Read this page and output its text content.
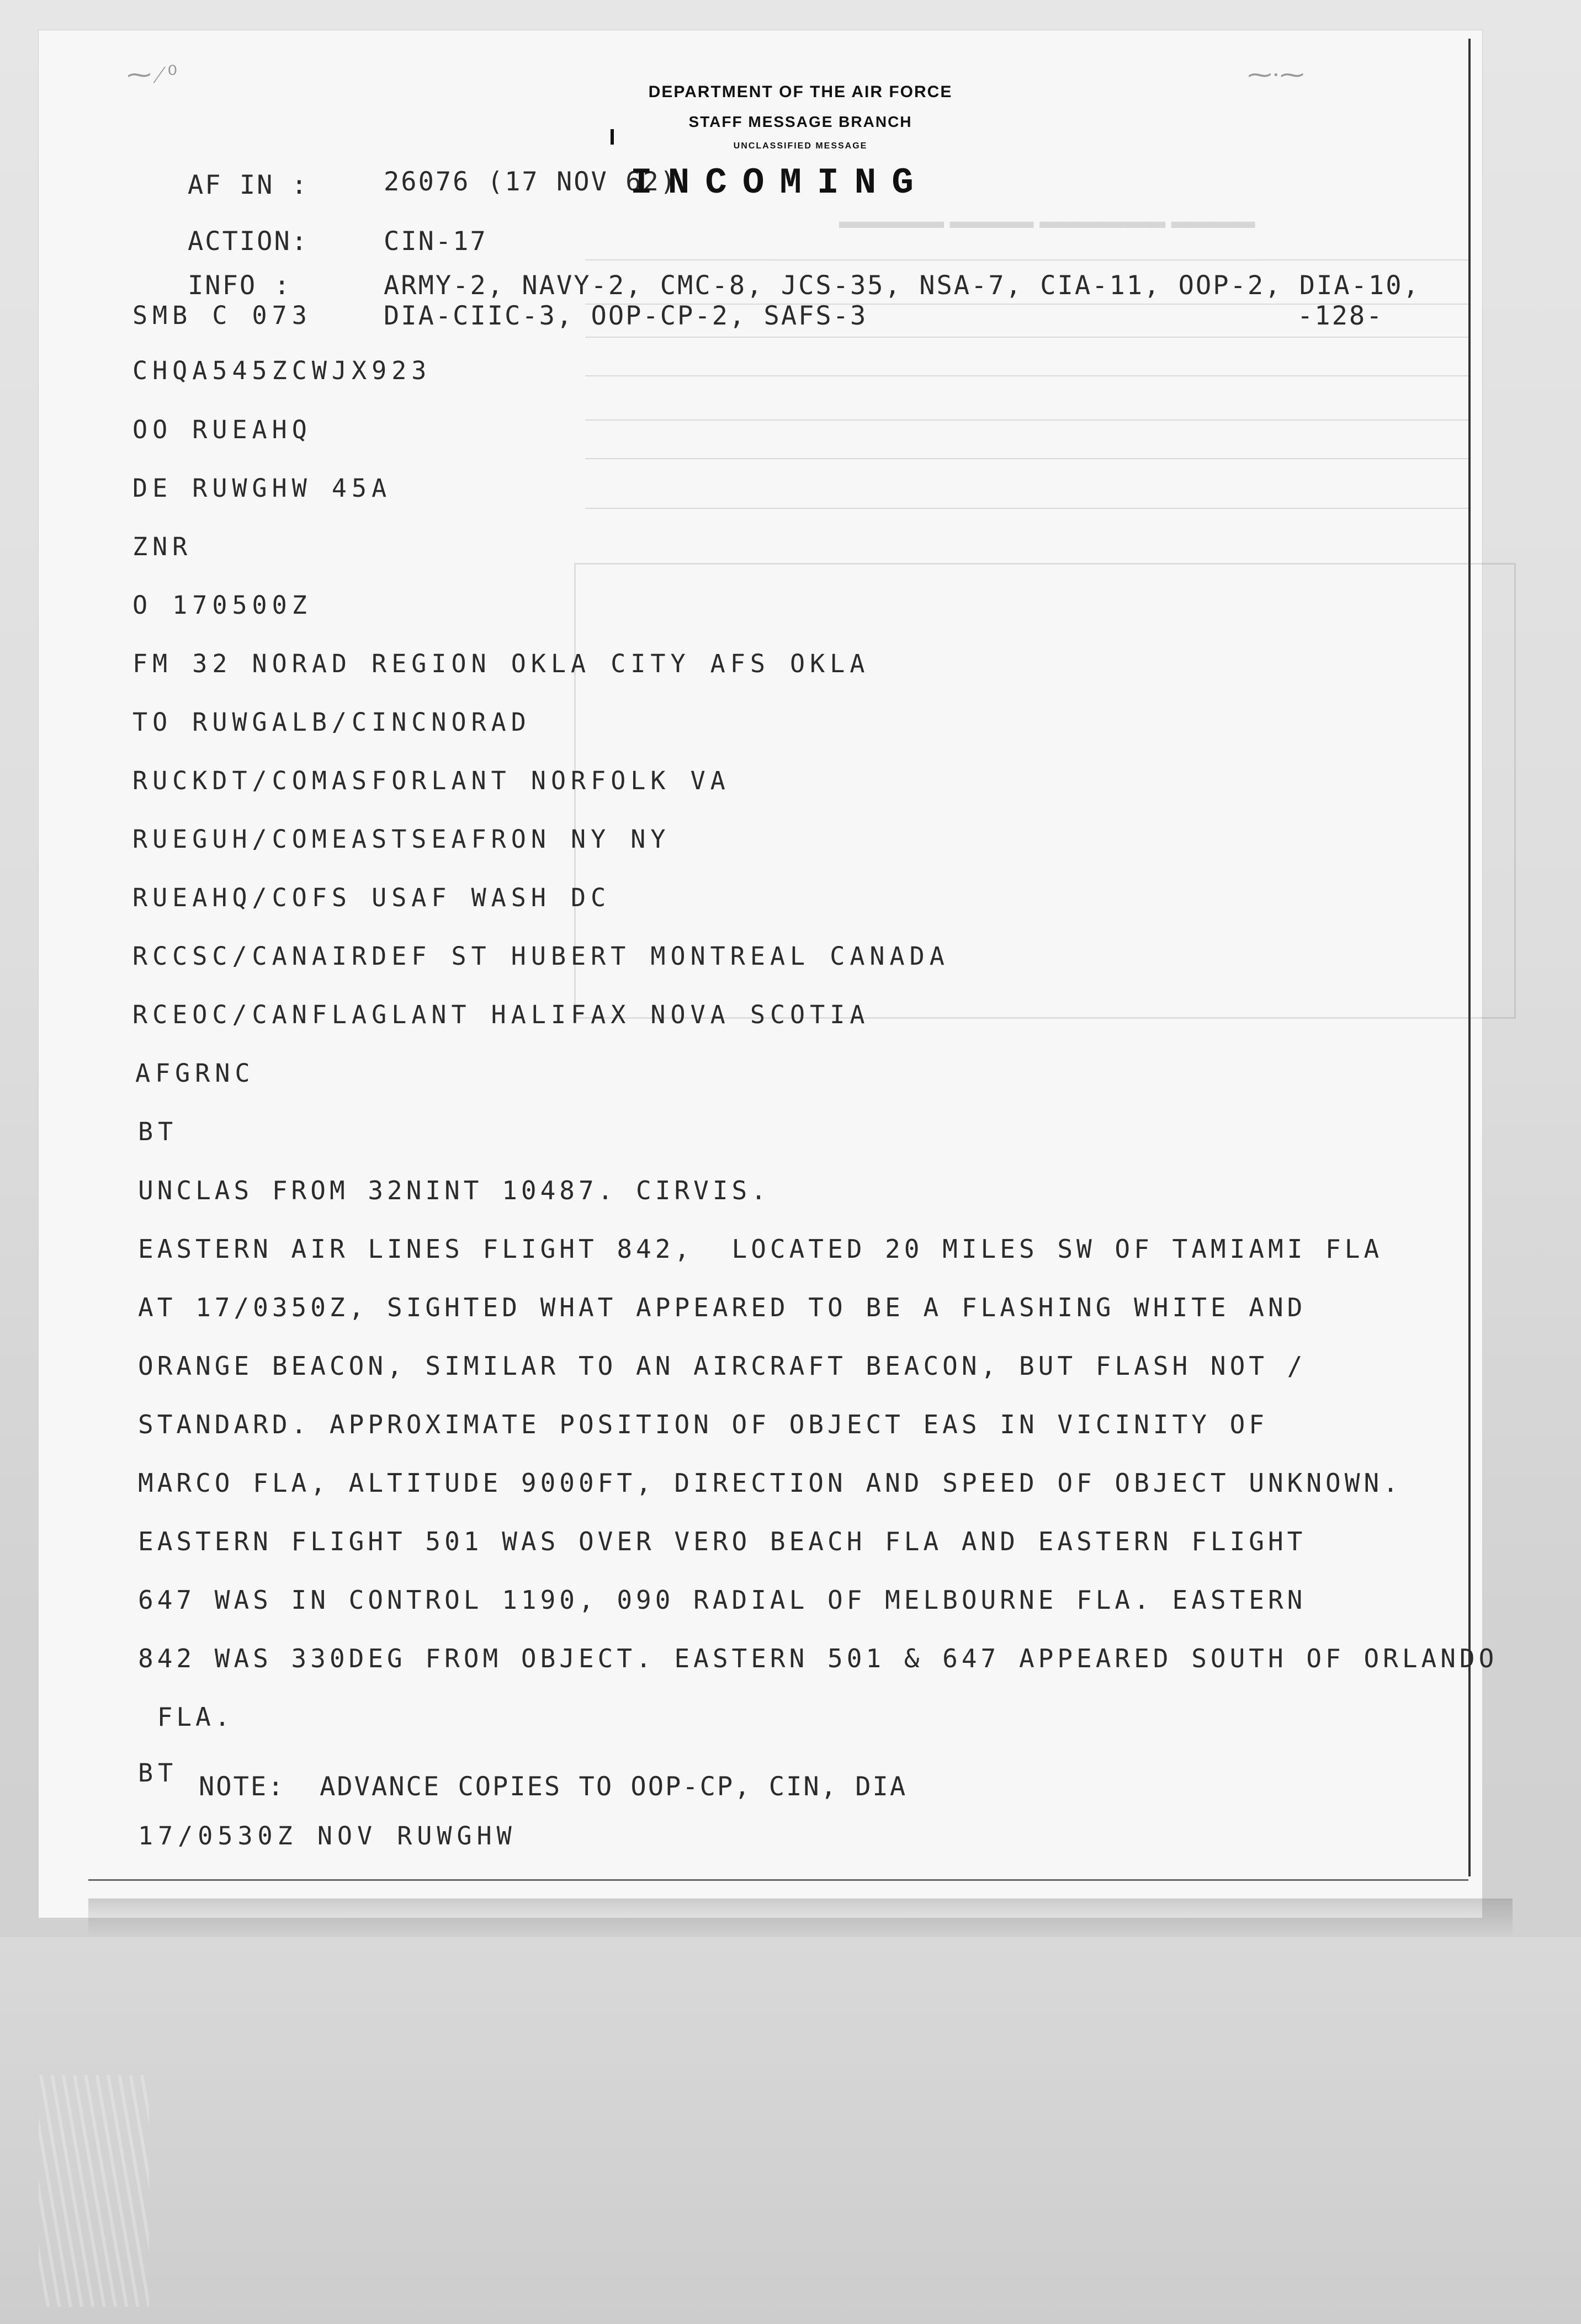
▬▬▬▬▬ ▬▬▬▬ ▬▬▬▬▬▬ ▬▬▬▬
DEPARTMENT OF THE AIR FORCE
STAFF MESSAGE BRANCH
UNCLASSIFIED MESSAGE
⁓ ⁄ ⁰	⁓·⁓
AF IN :	26076 (17 NOV 62)
INCOMING
ACTION:	CIN-17
INFO :	ARMY-2, NAVY-2, CMC-8, JCS-35, NSA-7, CIA-11, OOP-2, DIA-10,
DIA-CIIC-3, OOP-CP-2, SAFS-3	-128-
SMB C 073
CHQA545ZCWJX923
OO RUEAHQ
DE RUWGHW 45A
ZNR
O 170500Z
FM 32 NORAD REGION OKLA CITY AFS OKLA
TO RUWGALB/CINCNORAD
RUCKDT/COMASFORLANT NORFOLK VA
RUEGUH/COMEASTSEAFRON NY NY
RUEAHQ/COFS USAF WASH DC
RCCSC/CANAIRDEF ST HUBERT MONTREAL CANADA
RCEOC/CANFLAGLANT HALIFAX NOVA SCOTIA
AFGRNC
BT
UNCLAS FROM 32NINT 10487. CIRVIS.
EASTERN AIR LINES FLIGHT 842,  LOCATED 20 MILES SW OF TAMIAMI FLA
AT 17/0350Z, SIGHTED WHAT APPEARED TO BE A FLASHING WHITE AND
ORANGE BEACON, SIMILAR TO AN AIRCRAFT BEACON, BUT FLASH NOT /
STANDARD. APPROXIMATE POSITION OF OBJECT EAS IN VICINITY OF
MARCO FLA, ALTITUDE 9000FT, DIRECTION AND SPEED OF OBJECT UNKNOWN.
EASTERN FLIGHT 501 WAS OVER VERO BEACH FLA AND EASTERN FLIGHT
647 WAS IN CONTROL 1190, 090 RADIAL OF MELBOURNE FLA. EASTERN
842 WAS 330DEG FROM OBJECT. EASTERN 501 & 647 APPEARED SOUTH OF ORLANDO
FLA.
BT NOTE:  ADVANCE COPIES TO OOP-CP, CIN, DIA
17/0530Z NOV RUWGHW
